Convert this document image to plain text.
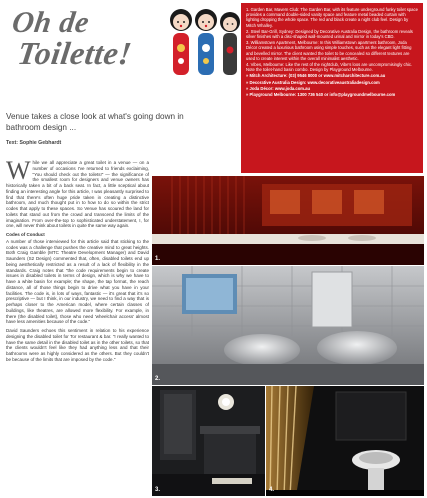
Oh de
Toilette!
Venue takes a close look at what's going down in bathroom design ...
Text: Sophie Gebhardt

1. Garden Bar, Mavern Club: The Garden Bar, with its feature underground funky toilet space provides a command double-sided vanity space and feature metal beaded curtain with lighting dropping the whole space. The red and black create a night club feel. Design by Mitch Whalley.

2. Steel Bar-Grill, Sydney: Designed by Decorative Australia Design, the bathroom reveals silver finishes with a disc-shaped wall-mounted urinal and mirror in today's CBD.

3. Williamstown Apartment, Melbourne: In this Williamstown apartment bathroom, Joda Décor created a luxurious bathroom using simple touches, such as the elegant light fitting and bevelled mirror. The client wanted the toilet to be concealed so different textures are used to create interest within the overall minimalist aesthetic.

4. Vibes, Melbourne: Like the rest of the nightclub, Vibe's loos are uncompromisingly chic. Note the toilet-hand basin combo. Design by Playground Melbourne.

» Mitch Architecture: (03) 9546 8000 or www.mitcharchitecture.com.au
» Decorative Australia Design: www.decorativeaustraliadesign.com
» Joda Décor: www.joda.com.au
» Playground Melbourne: 1300 736 540 or info@playgroundmelbourne.com

While we all appreciate a great toilet in a venue — on a number of occasions I've returned to friends exclaiming, "You should check out the toilets!" — the significance of the smallest room for designers and venue owners has historically taken a bit of a back seat. In fact, a little sceptical about finding an interesting angle for this article, I was pleasantly surprised to find that there's often huge pride taken in creating a distinctive bathroom, and much thought put in to how to do so within the strict codes that apply to these spaces. So Venue has scoured the land for toilets that stand out from the crowd and transcend the limits of the imagination. From over-the-top to sophisticated understatement, I, for one, will never think about toilets in quite the same way again.

Codes of Conduct

A number of those interviewed for this article said that sticking to the codes was a challenge that pushes the creative mind to great heights. Both Craig Gamble (MTC Theatre Development Manager) and David Saunders (S2 Design) commented that, often, disabled toilets end up being aesthetically restricted as a result of a lack of flexibility in the standards. Craig notes that "the code requirements begin to create issues in disabled toilets in terms of design, which is why we have to have a white basin for example; the shape, the tap format, the reach distance, all of those things begin to drive what you have in your facilities. The code is, in lots of ways, fantastic — it's great that it's so prescriptive — but I think, in our industry, we need to find a way that is perhaps closer to the American model, where certain classes of buildings, like theatres, are allowed more flexibility. For example, in there (the disabled toilet), those who need 'wheelchair access' almost have less amenities because of the code."

David Saunders echoes this sentiment in relation to his experience designing the disabled toilet for Tor restaurant & bar. "I really wanted to have the same detail in the disabled toilet as in the other toilets, so that the clients wouldn't feel like they had anything less and that their bathrooms were as highly considered as the others. But they couldn't be because of the limits that are imposed by the code."

1.
2.
3.	4.
